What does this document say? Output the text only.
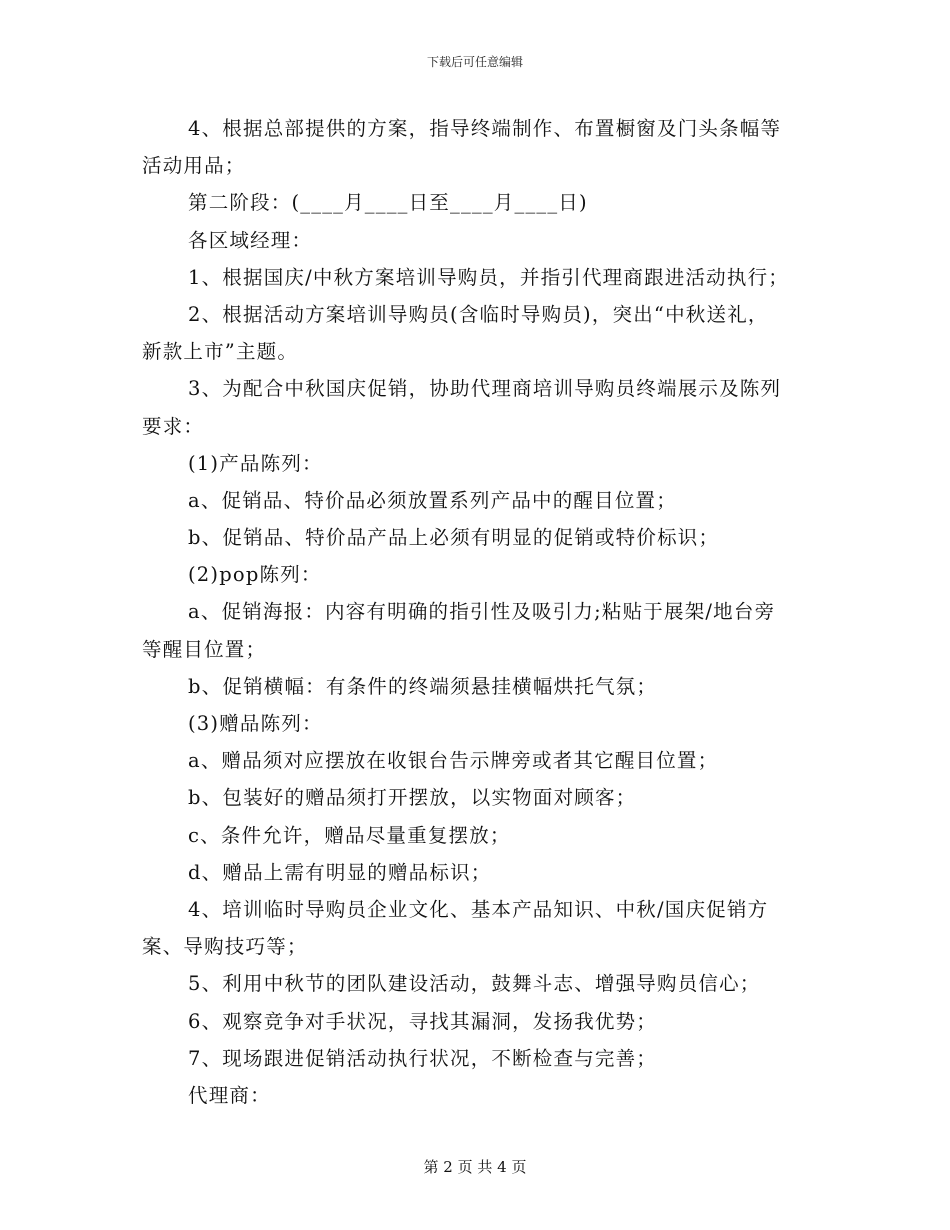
下载后可任意编辑
4、根据总部提供的方案，指导终端制作、布置橱窗及门头条幅等
活动用品；
第二阶段：(____月____日至____月____日)
各区域经理：
1、根据国庆/中秋方案培训导购员，并指引代理商跟进活动执行；
2、根据活动方案培训导购员(含临时导购员)，突出“中秋送礼，
新款上市”主题。
3、为配合中秋国庆促销，协助代理商培训导购员终端展示及陈列
要求：
(1)产品陈列：
a、促销品、特价品必须放置系列产品中的醒目位置；
b、促销品、特价品产品上必须有明显的促销或特价标识；
(2)pop陈列：
a、促销海报：内容有明确的指引性及吸引力;粘贴于展架/地台旁
等醒目位置；
b、促销横幅：有条件的终端须悬挂横幅烘托气氛；
(3)赠品陈列：
a、赠品须对应摆放在收银台告示牌旁或者其它醒目位置；
b、包装好的赠品须打开摆放，以实物面对顾客；
c、条件允许，赠品尽量重复摆放；
d、赠品上需有明显的赠品标识；
4、培训临时导购员企业文化、基本产品知识、中秋/国庆促销方
案、导购技巧等；
5、利用中秋节的团队建设活动，鼓舞斗志、增强导购员信心；
6、观察竞争对手状况，寻找其漏洞，发扬我优势；
7、现场跟进促销活动执行状况，不断检查与完善；
代理商：
第 2 页 共 4 页
